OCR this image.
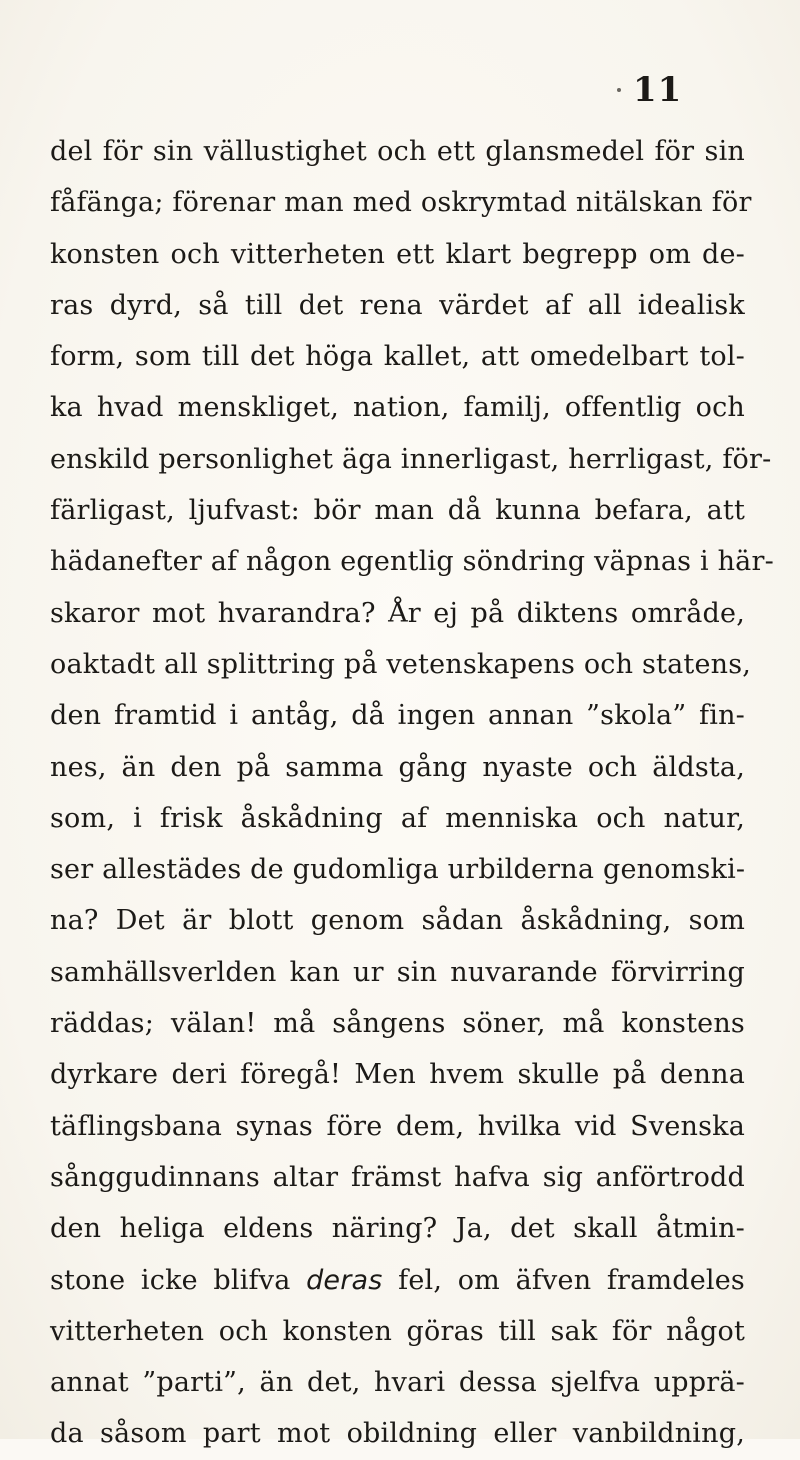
11
del för sin vällustighet och ett glansmedel för sin
fåfänga; förenar man med oskrymtad nitälskan för
konsten och vitterheten ett klart begrepp om de-
ras dyrd, så till det rena värdet af all idealisk
form, som till det höga kallet, att omedelbart tol-
ka hvad menskliget, nation, familj, offentlig och
enskild personlighet äga innerligast, herrligast, för-
färligast, ljufvast: bör man då kunna befara, att
hädanefter af någon egentlig söndring väpnas i här-
skaror mot hvarandra? År ej på diktens område,
oaktadt all splittring på vetenskapens och statens,
den framtid i antåg, då ingen annan ”skola” fin-
nes, än den på samma gång nyaste och äldsta,
som, i frisk åskådning af menniska och natur,
ser allestädes de gudomliga urbilderna genomski-
na? Det är blott genom sådan åskådning, som
samhällsverlden kan ur sin nuvarande förvirring
räddas; välan! må sångens söner, må konstens
dyrkare deri föregå! Men hvem skulle på denna
täflingsbana synas före dem, hvilka vid Svenska
sånggudinnans altar främst hafva sig anförtrodd
den heliga eldens näring? Ja, det skall åtmin-
stone icke blifva deras fel, om äfven framdeles
vitterheten och konsten göras till sak för något
annat ”parti”, än det, hvari dessa sjelfva upprä-
da såsom part mot obildning eller vanbildning,
